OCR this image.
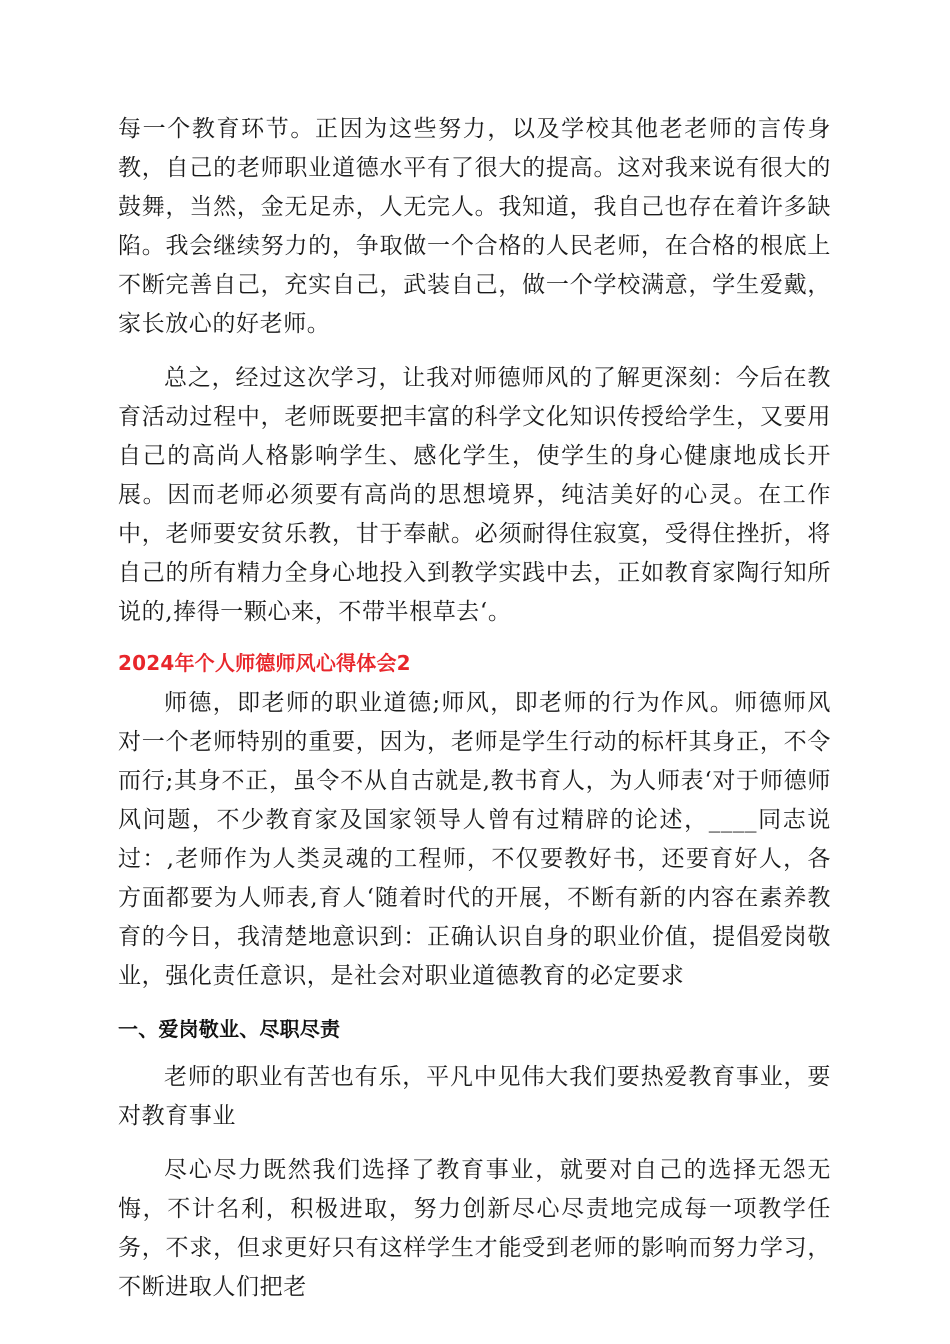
每一个教育环节。正因为这些努力，以及学校其他老老师的言传身教，自己的老师职业道德水平有了很大的提高。这对我来说有很大的鼓舞，当然，金无足赤，人无完人。我知道，我自己也存在着许多缺陷。我会继续努力的，争取做一个合格的人民老师，在合格的根底上不断完善自己，充实自己，武装自己，做一个学校满意，学生爱戴，家长放心的好老师。

总之，经过这次学习，让我对师德师风的了解更深刻：今后在教育活动过程中，老师既要把丰富的科学文化知识传授给学生，又要用自己的高尚人格影响学生、感化学生，使学生的身心健康地成长开展。因而老师必须要有高尚的思想境界，纯洁美好的心灵。在工作中，老师要安贫乐教，甘于奉献。必须耐得住寂寞，受得住挫折，将自己的所有精力全身心地投入到教学实践中去，正如教育家陶行知所说的,捧得一颗心来，不带半根草去‘。

2024年个人师德师风心得体会2

师德，即老师的职业道德;师风，即老师的行为作风。师德师风对一个老师特别的重要，因为，老师是学生行动的标杆其身正，不令而行;其身不正，虽令不从自古就是,教书育人，为人师表‘对于师德师风问题，不少教育家及国家领导人曾有过精辟的论述，____同志说过：,老师作为人类灵魂的工程师，不仅要教好书，还要育好人，各方面都要为人师表,育人‘随着时代的开展，不断有新的内容在素养教育的今日，我清楚地意识到：正确认识自身的职业价值，提倡爱岗敬业，强化责任意识，是社会对职业道德教育的必定要求

一、爱岗敬业、尽职尽责

老师的职业有苦也有乐，平凡中见伟大我们要热爱教育事业，要对教育事业

尽心尽力既然我们选择了教育事业，就要对自己的选择无怨无悔，不计名利，积极进取，努力创新尽心尽责地完成每一项教学任务，不求，但求更好只有这样学生才能受到老师的影响而努力学习，不断进取人们把老
